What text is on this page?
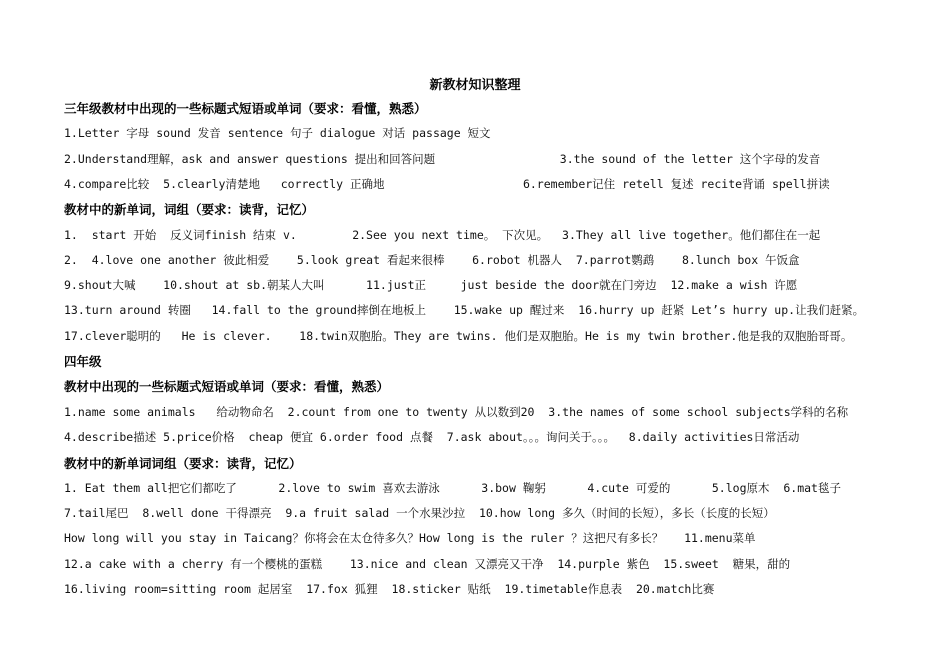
新教材知识整理
三年级教材中出现的一些标题式短语或单词（要求：看懂，熟悉）
1.Letter 字母 sound 发音 sentence 句子 dialogue 对话 passage 短文
2.Understand理解，ask and answer questions 提出和回答问题                  3.the sound of the letter 这个字母的发音
4.compare比较  5.clearly清楚地   correctly 正确地                    6.remember记住 retell 复述 recite背诵 spell拼读
教材中的新单词，词组（要求：读背，记忆）
1.  start 开始  反义词finish 结束 v.        2.See you next time。 下次见。  3.They all live together。他们都住在一起
2.  4.love one another 彼此相爱    5.look great 看起来很棒    6.robot 机器人  7.parrot鹦鹉    8.lunch box 午饭盒
9.shout大喊    10.shout at sb.朝某人大叫      11.just正     just beside the door就在门旁边  12.make a wish 许愿
13.turn around 转圈   14.fall to the ground摔倒在地板上    15.wake up 醒过来  16.hurry up 赶紧 Let’s hurry up.让我们赶紧。
17.clever聪明的   He is clever.    18.twin双胞胎。They are twins. 他们是双胞胎。He is my twin brother.他是我的双胞胎哥哥。
四年级
教材中出现的一些标题式短语或单词（要求：看懂，熟悉）
1.name some animals   给动物命名  2.count from one to twenty 从以数到20  3.the names of some school subjects学科的名称
4.describe描述 5.price价格  cheap 便宜 6.order food 点餐  7.ask about。。。询问关于。。。  8.daily activities日常活动
教材中的新单词词组（要求：读背，记忆）
1. Eat them all把它们都吃了      2.love to swim 喜欢去游泳      3.bow 鞠躬      4.cute 可爱的      5.log原木  6.mat毯子
7.tail尾巴  8.well done 干得漂亮  9.a fruit salad 一个水果沙拉  10.how long 多久（时间的长短），多长（长度的长短）
How long will you stay in Taicang？你将会在太仓待多久？How long is the ruler ？这把尺有多长？   11.menu菜单
12.a cake with a cherry 有一个樱桃的蛋糕    13.nice and clean 又漂亮又干净  14.purple 紫色  15.sweet  糖果，甜的
16.living room=sitting room 起居室  17.fox 狐狸  18.sticker 贴纸  19.timetable作息表  20.match比赛
